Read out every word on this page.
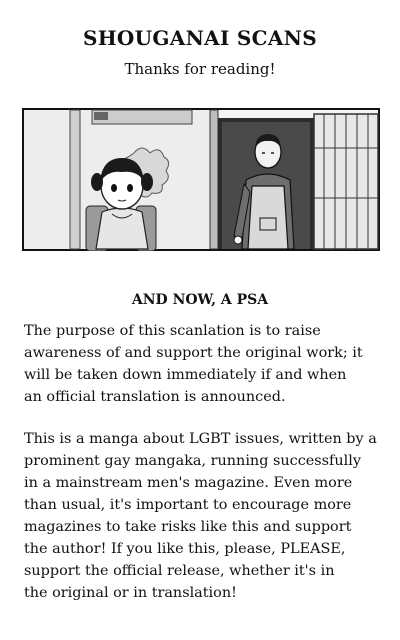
SHOUGANAI SCANS
Thanks for reading!
AND NOW, A PSA
The purpose of this scanlation is to raise
awareness of and support the original work; it
will be taken down immediately if and when
an official translation is announced.
This is a manga about LGBT issues, written by a
prominent gay mangaka, running successfully
in a mainstream men's magazine. Even more
than usual, it's important to encourage more
magazines to take risks like this and support
the author! If you like this, please, PLEASE,
support the official release, whether it's in
the original or in translation!
